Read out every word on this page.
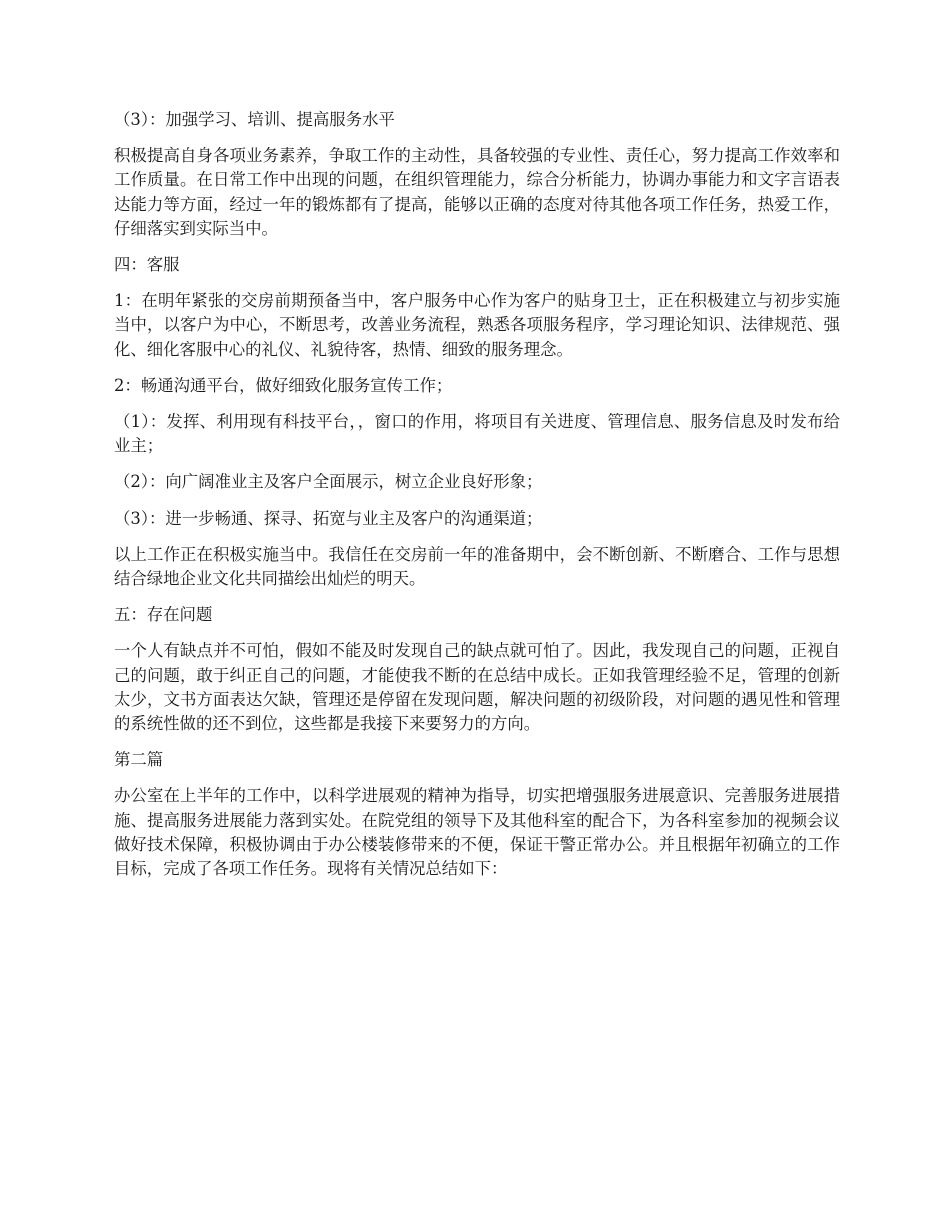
（3）：加强学习、培训、提高服务水平

积极提高自身各项业务素养，争取工作的主动性，具备较强的专业性、责任心，努力提高工作效率和工作质量。在日常工作中出现的问题，在组织管理能力，综合分析能力，协调办事能力和文字言语表达能力等方面，经过一年的锻炼都有了提高，能够以正确的态度对待其他各项工作任务，热爱工作，仔细落实到实际当中。

四：客服

1：在明年紧张的交房前期预备当中，客户服务中心作为客户的贴身卫士，正在积极建立与初步实施当中，以客户为中心，不断思考，改善业务流程，熟悉各项服务程序，学习理论知识、法律规范、强化、细化客服中心的礼仪、礼貌待客，热情、细致的服务理念。

2：畅通沟通平台，做好细致化服务宣传工作；

（1）：发挥、利用现有科技平台，，窗口的作用，将项目有关进度、管理信息、服务信息及时发布给业主；

（2）：向广阔准业主及客户全面展示，树立企业良好形象；

（3）：进一步畅通、探寻、拓宽与业主及客户的沟通渠道；

以上工作正在积极实施当中。我信任在交房前一年的准备期中，会不断创新、不断磨合、工作与思想结合绿地企业文化共同描绘出灿烂的明天。

五：存在问题

一个人有缺点并不可怕，假如不能及时发现自己的缺点就可怕了。因此，我发现自己的问题，正视自己的问题，敢于纠正自己的问题，才能使我不断的在总结中成长。正如我管理经验不足，管理的创新太少，文书方面表达欠缺，管理还是停留在发现问题，解决问题的初级阶段，对问题的遇见性和管理的系统性做的还不到位，这些都是我接下来要努力的方向。

第二篇

办公室在上半年的工作中，以科学进展观的精神为指导，切实把增强服务进展意识、完善服务进展措施、提高服务进展能力落到实处。在院党组的领导下及其他科室的配合下，为各科室参加的视频会议做好技术保障，积极协调由于办公楼装修带来的不便，保证干警正常办公。并且根据年初确立的工作目标，完成了各项工作任务。现将有关情况总结如下：
